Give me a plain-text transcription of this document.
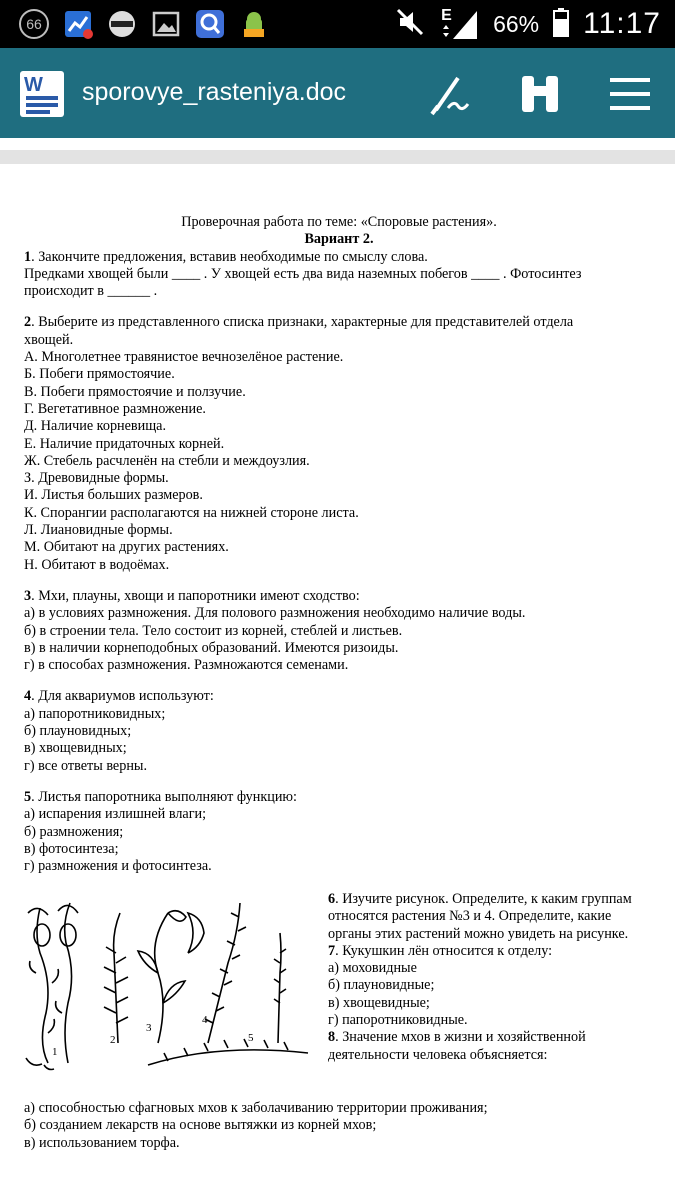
66	E 66% 11:17
W sporovye_rasteniya.doc

Проверочная работа по теме: «Споровые растения».

Вариант 2.

1. Закончите предложения, вставив необходимые по смыслу слова.

Предками хвощей были ____ . У хвощей есть два вида наземных побегов ____ . Фотосинтез

происходит в ______ .

2. Выберите из представленного списка признаки, характерные для представителей отдела

хвощей.

А. Многолетнее травянистое вечнозелёное растение.

Б. Побеги прямостоячие.

В. Побеги прямостоячие и ползучие.

Г. Вегетативное размножение.

Д. Наличие корневища.

Е. Наличие придаточных корней.

Ж. Стебель расчленён на стебли и междоузлия.

З. Древовидные формы.

И. Листья больших размеров.

К. Спорангии располагаются на нижней стороне листа.

Л. Лиановидные формы.

М. Обитают на других растениях.

Н. Обитают в водоёмах.

3. Мхи, плауны, хвощи и папоротники имеют сходство:

а) в условиях размножения. Для полового размножения необходимо наличие воды.

б) в строении тела. Тело состоит из корней, стеблей и листьев.

в) в наличии корнеподобных образований. Имеются ризоиды.

г) в способах размножения. Размножаются семенами.

4. Для аквариумов используют:

а) папоротниковидных;

б) плауновидных;

в) хвощевидных;

г) все ответы верны.

5. Листья папоротника выполняют функцию:

а) испарения излишней влаги;

б) размножения;

в) фотосинтеза;

г) размножения и фотосинтеза.

1
2
3
4
5

6. Изучите рисунок. Определите, к каким группам

относятся растения №3 и 4. Определите, какие

органы этих растений можно увидеть на рисунке.

7. Кукушкин лён относится к отделу:

а) моховидные

б) плауновидные;

в) хвощевидные;

г) папоротниковидные.

8. Значение мхов в жизни и хозяйственной

деятельности человека объясняется:

а) способностью сфагновых мхов к заболачиванию территории проживания;

б) созданием лекарств на основе вытяжки из корней мхов;

в) использованием торфа.
